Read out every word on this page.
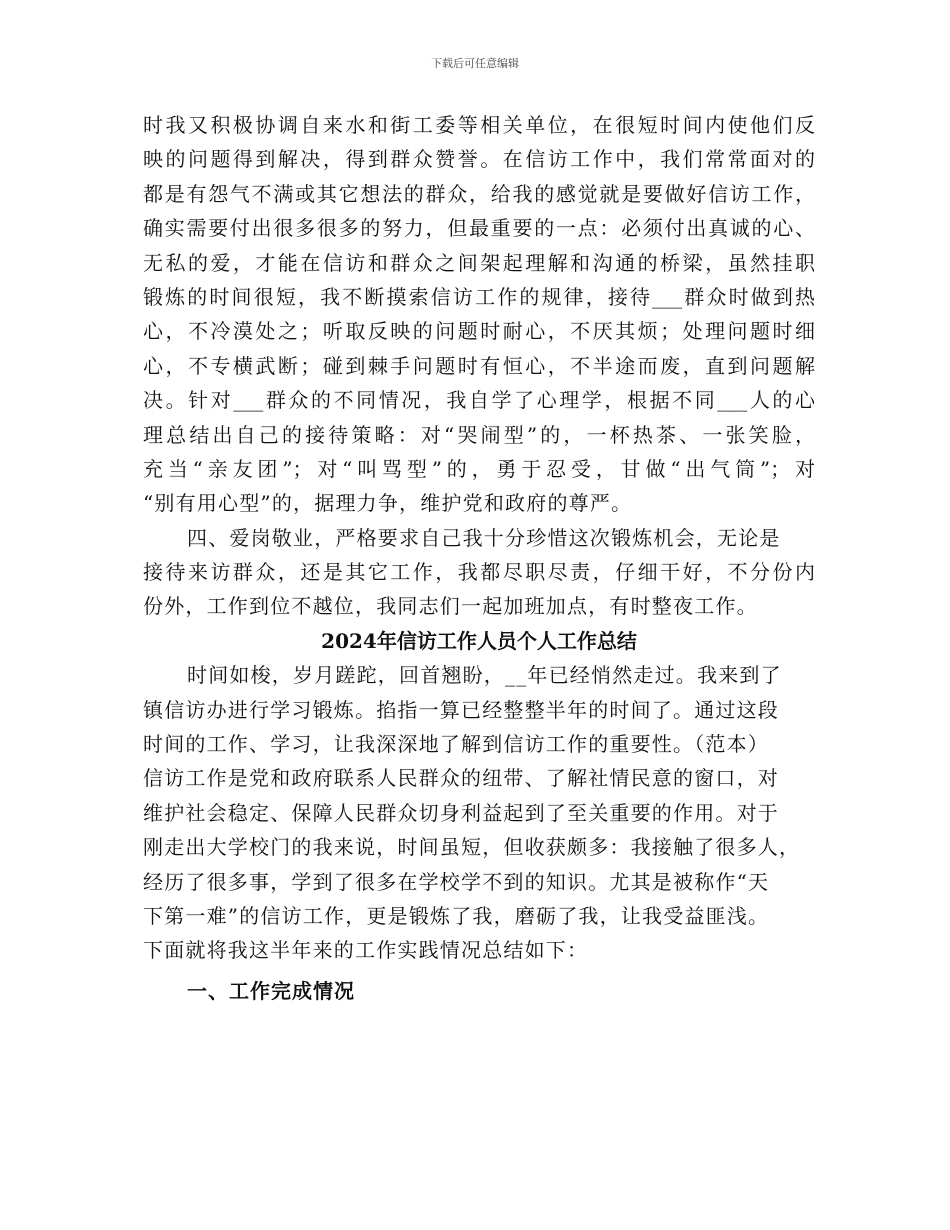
下载后可任意编辑
时我又积极协调自来水和街工委等相关单位，在很短时间内使他们反
映的问题得到解决，得到群众赞誉。在信访工作中，我们常常面对的
都是有怨气不满或其它想法的群众，给我的感觉就是要做好信访工作，
确实需要付出很多很多的努力，但最重要的一点：必须付出真诚的心、
无私的爱，才能在信访和群众之间架起理解和沟通的桥梁，虽然挂职
锻炼的时间很短，我不断摸索信访工作的规律，接待___群众时做到热
心，不冷漠处之；听取反映的问题时耐心，不厌其烦；处理问题时细
心，不专横武断；碰到棘手问题时有恒心，不半途而废，直到问题解
决。针对___群众的不同情况，我自学了心理学，根据不同___人的心
理总结出自己的接待策略：对“哭闹型”的，一杯热茶、一张笑脸，
充当“亲友团”；对“叫骂型”的，勇于忍受，甘做“出气筒”；对
“别有用心型”的，据理力争，维护党和政府的尊严。
四、爱岗敬业，严格要求自己我十分珍惜这次锻炼机会，无论是
接待来访群众，还是其它工作，我都尽职尽责，仔细干好，不分份内
份外，工作到位不越位，我同志们一起加班加点，有时整夜工作。
2024年信访工作人员个人工作总结
时间如梭，岁月蹉跎，回首翘盼，__年已经悄然走过。我来到了
镇信访办进行学习锻炼。掐指一算已经整整半年的时间了。通过这段
时间的工作、学习，让我深深地了解到信访工作的重要性。（范本）
信访工作是党和政府联系人民群众的纽带、了解社情民意的窗口，对
维护社会稳定、保障人民群众切身利益起到了至关重要的作用。对于
刚走出大学校门的我来说，时间虽短，但收获颇多：我接触了很多人，
经历了很多事，学到了很多在学校学不到的知识。尤其是被称作“天
下第一难”的信访工作，更是锻炼了我，磨砺了我，让我受益匪浅。
下面就将我这半年来的工作实践情况总结如下：
一、工作完成情况
